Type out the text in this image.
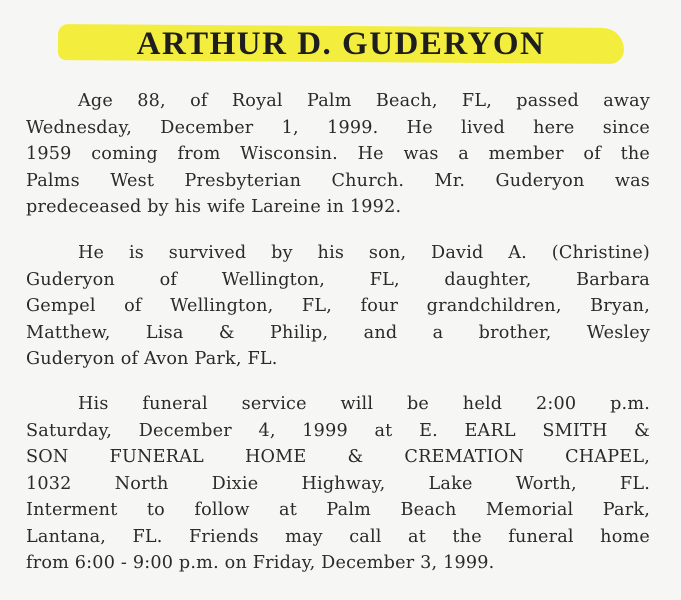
ARTHUR D. GUDERYON
Age 88, of Royal Palm Beach, FL, passed away
Wednesday, December 1, 1999. He lived here since
1959 coming from Wisconsin. He was a member of the
Palms West Presbyterian Church. Mr. Guderyon was
predeceased by his wife Lareine in 1992.
He is survived by his son, David A. (Christine)
Guderyon of Wellington, FL, daughter, Barbara
Gempel of Wellington, FL, four grandchildren, Bryan,
Matthew, Lisa & Philip, and a brother, Wesley
Guderyon of Avon Park, FL.
His funeral service will be held 2:00 p.m.
Saturday, December 4, 1999 at E. EARL SMITH &
SON FUNERAL HOME & CREMATION CHAPEL,
1032 North Dixie Highway, Lake Worth, FL.
Interment to follow at Palm Beach Memorial Park,
Lantana, FL. Friends may call at the funeral home
from 6:00 - 9:00 p.m. on Friday, December 3, 1999.
